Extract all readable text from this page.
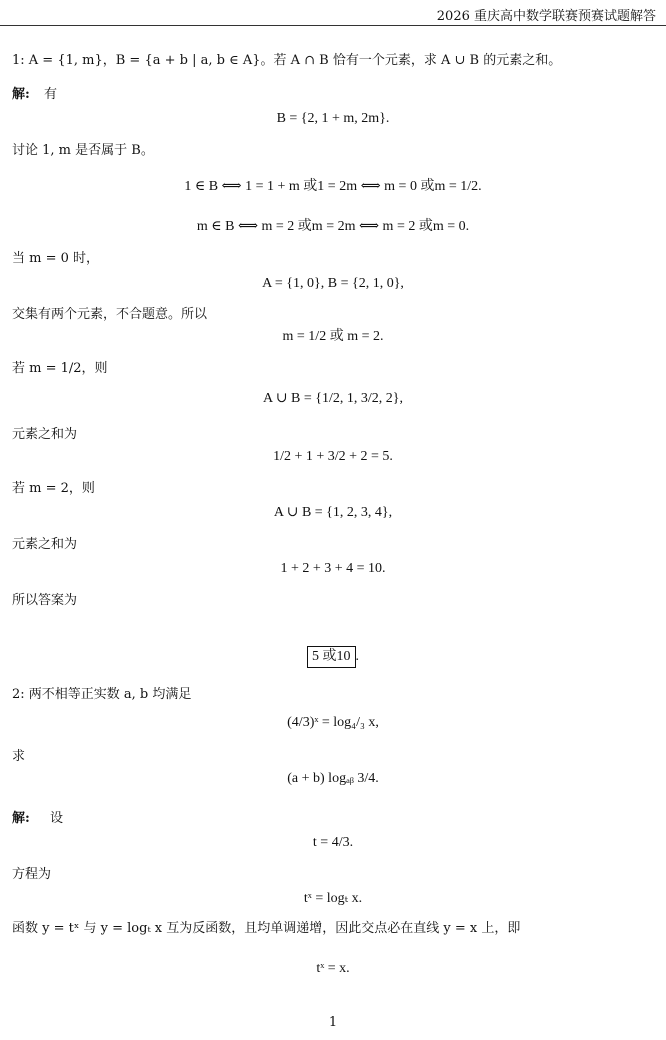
2026 重庆高中数学联赛预赛试题解答
1: A = {1, m}，B = {a + b | a, b ∈ A}。若 A ∩ B 恰有一个元素，求 A ∪ B 的元素之和。
解: 有
B = {2, 1 + m, 2m}.
讨论 1, m 是否属于 B。
1 ∈ B ⟺ 1 = 1 + m 或1 = 2m ⟺ m = 0 或m = 1/2.
m ∈ B ⟺ m = 2 或m = 2m ⟺ m = 2 或m = 0.
当 m = 0 时，
A = {1, 0}, B = {2, 1, 0},
交集有两个元素，不合题意。所以
m = 1/2 或 m = 2.
若 m = 1/2，则
A ∪ B = {1/2, 1, 3/2, 2},
元素之和为
1/2 + 1 + 3/2 + 2 = 5.
若 m = 2，则
A ∪ B = {1, 2, 3, 4},
元素之和为
1 + 2 + 3 + 4 = 10.
所以答案为
5 或10 .
2: 两不相等正实数 a, b 均满足
(4/3)ˣ = log₄/₃ x,
求
(a + b) logₐᵦ 3/4.
解: 设
t = 4/3.
方程为
tˣ = logₜ x.
函数 y = tˣ 与 y = logₜ x 互为反函数，且均单调递增，因此交点必在直线 y = x 上，即
tˣ = x.
1
